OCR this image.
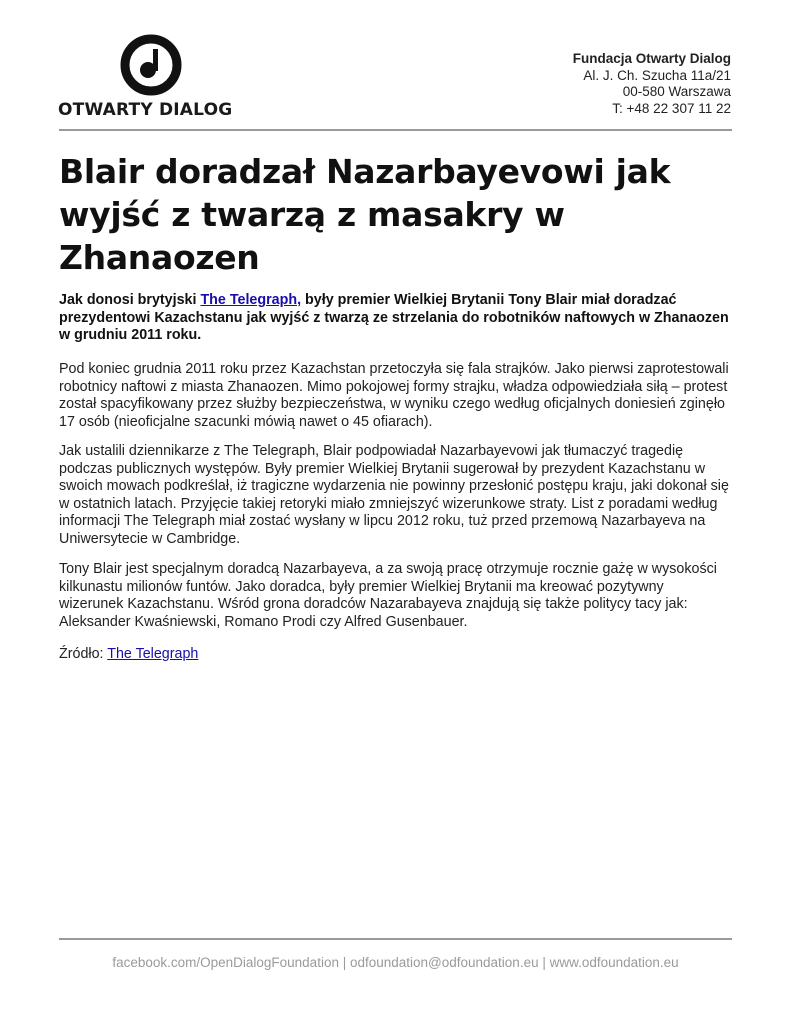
OTWARTY DIALOG
Fundacja Otwarty Dialog
Al. J. Ch. Szucha 11a/21
00-580 Warszawa
T: +48 22 307 11 22
Blair doradzał Nazarbayevowi jak wyjść z twarzą z masakry w Zhanaozen

Jak donosi brytyjski The Telegraph, były premier Wielkiej Brytanii Tony Blair miał doradzać prezydentowi Kazachstanu jak wyjść z twarzą ze strzelania do robotników naftowych w Zhanaozen w grudniu 2011 roku.

Pod koniec grudnia 2011 roku przez Kazachstan przetoczyła się fala strajków. Jako pierwsi zaprotestowali robotnicy naftowi z miasta Zhanaozen. Mimo pokojowej formy strajku, władza odpowiedziała siłą – protest został spacyfikowany przez służby bezpieczeństwa, w wyniku czego według oficjalnych doniesień zginęło 17 osób (nieoficjalne szacunki mówią nawet o 45 ofiarach).

Jak ustalili dziennikarze z The Telegraph, Blair podpowiadał Nazarbayevowi jak tłumaczyć tragedię podczas publicznych występów. Były premier Wielkiej Brytanii sugerował by prezydent Kazachstanu w swoich mowach podkreślał, iż tragiczne wydarzenia nie powinny przesłonić postępu kraju, jaki dokonał się w ostatnich latach. Przyjęcie takiej retoryki miało zmniejszyć wizerunkowe straty. List z poradami według informacji The Telegraph miał zostać wysłany w lipcu 2012 roku, tuż przed przemową Nazarbayeva na Uniwersytecie w Cambridge.

Tony Blair jest specjalnym doradcą Nazarbayeva, a za swoją pracę otrzymuje rocznie gażę w wysokości kilkunastu milionów funtów. Jako doradca, były premier Wielkiej Brytanii ma kreować pozytywny wizerunek Kazachstanu. Wśród grona doradców Nazarabayeva znajdują się także politycy tacy jak: Aleksander Kwaśniewski, Romano Prodi czy Alfred Gusenbauer.

Źródło: The Telegraph

facebook.com/OpenDialogFoundation | odfoundation@odfoundation.eu | www.odfoundation.eu
